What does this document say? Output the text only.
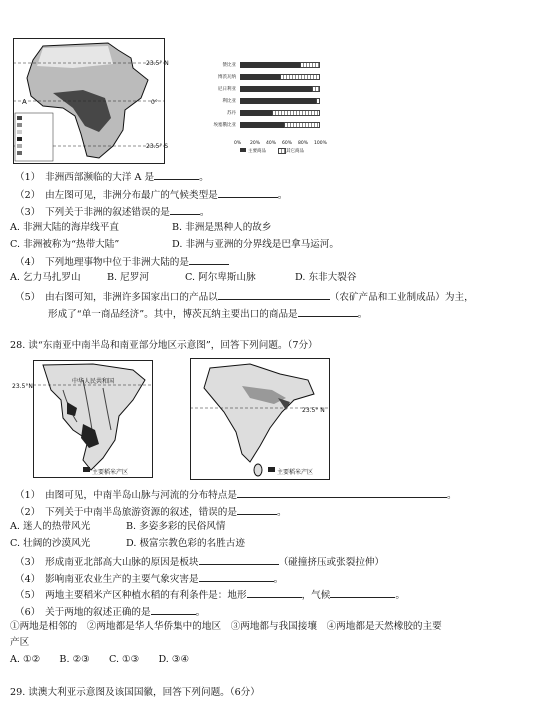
23.5° N
0°
23.5° S
A
赞比亚
博茨瓦纳
尼日利亚
利比亚
苏丹
埃塞俄比亚
0% 20% 40% 60% 80% 100%
主要商品	其它商品
（1）　非洲西部濒临的大洋 A 是	。
（2）　由左图可见，非洲分布最广的气候类型是	。
（3）　下列关于非洲的叙述错误的是	。
A. 非洲大陆的海岸线平直	B. 非洲是黑种人的故乡
C. 非洲被称为“热带大陆”	D. 非洲与亚洲的分界线是巴拿马运河。
（4）　下列地理事物中位于非洲大陆的是
A. 乞力马扎罗山	B. 尼罗河	C. 阿尔卑斯山脉	D. 东非大裂谷
（5）　由右图可知，非洲许多国家出口的产品以	（农矿产品和工业制成品）为主，
形成了“单一商品经济”。其中，博茨瓦纳主要出口的商品是	。
28. 读“东南亚中南半岛和南亚部分地区示意图”，回答下列问题。（7分）
23.5°N
中华人民共和国
主要稻米产区
23.5° N
主要稻米产区
（1）　由图可见，中南半岛山脉与河流的分布特点是	。
（2）　下列关于中南半岛旅游资源的叙述，错误的是	。
A. 迷人的热带风光	B. 多姿多彩的民俗风情
C. 壮阔的沙漠风光	D. 极富宗教色彩的名胜古迹
（3）　形成南亚北部高大山脉的原因是板块	（碰撞挤压或张裂拉伸）
（4）　影响南亚农业生产的主要气象灾害是	。
（5）　两地主要稻米产区种植水稻的有利条件是：地形	，气候	。
（6）　关于两地的叙述正确的是	。
①两地是相邻的　②两地都是华人华侨集中的地区　③两地都与我国接壤　④两地都是天然橡胶的主要
产区
A. ①②　　B. ②③　　C. ①③　　D. ③④
29. 读澳大利亚示意图及该国国徽，回答下列问题。（6分）
